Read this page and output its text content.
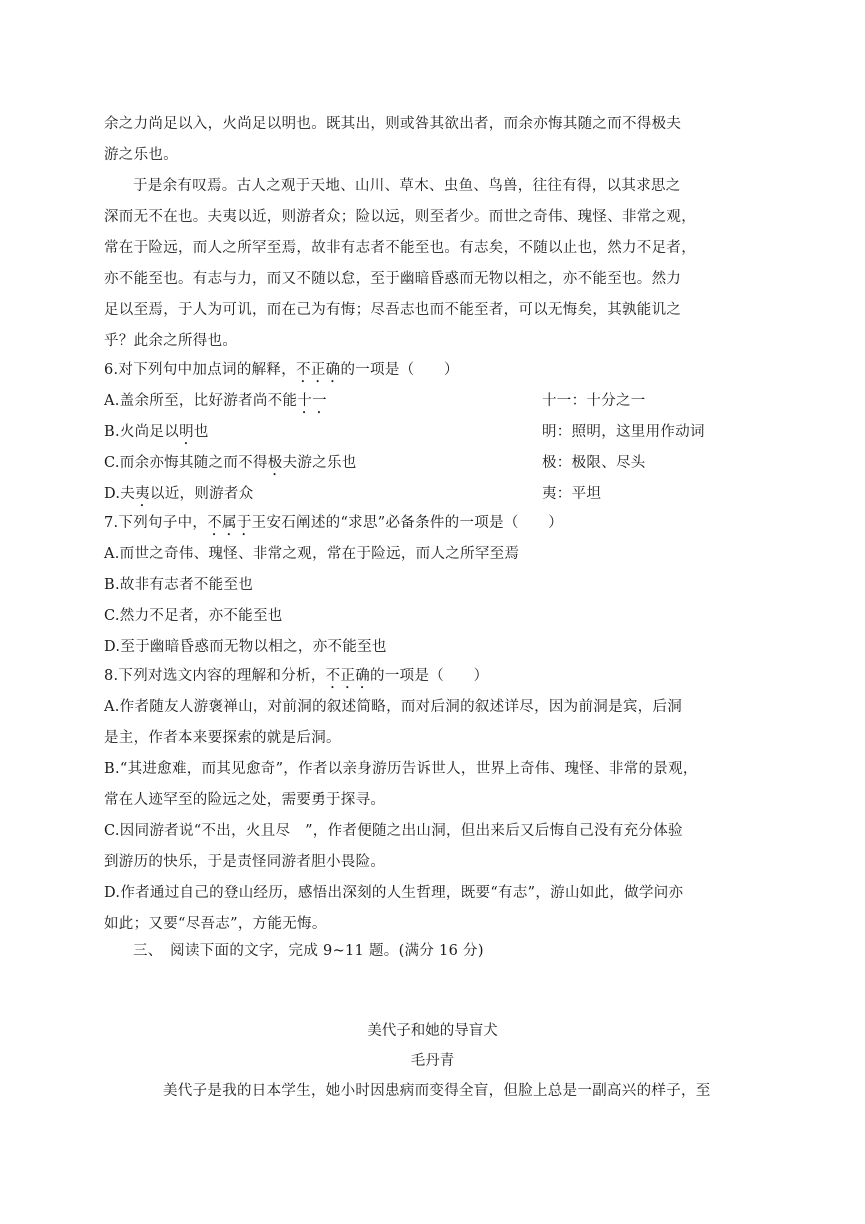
余之力尚足以入，火尚足以明也。既其出，则或咎其欲出者，而余亦悔其随之而不得极夫
游之乐也。
于是余有叹焉。古人之观于天地、山川、草木、虫鱼、鸟兽，往往有得，以其求思之
深而无不在也。夫夷以近，则游者众；险以远，则至者少。而世之奇伟、瑰怪、非常之观，
常在于险远，而人之所罕至焉，故非有志者不能至也。有志矣，不随以止也，然力不足者，
亦不能至也。有志与力，而又不随以怠，至于幽暗昏惑而无物以相之，亦不能至也。然力
足以至焉，于人为可讥，而在己为有悔；尽吾志也而不能至者，可以无悔矣，其孰能讥之
乎？此余之所得也。
6.对下列句中加点词的解释，不正确的一项是（　　）
A.盖余所至，比好游者尚不能十一	十一：十分之一
B.火尚足以明也	明：照明，这里用作动词
C.而余亦悔其随之而不得极夫游之乐也	极：极限、尽头
D.夫夷以近，则游者众	夷：平坦
7.下列句子中，不属于王安石阐述的“求思”必备条件的一项是（　　）
A.而世之奇伟、瑰怪、非常之观，常在于险远，而人之所罕至焉
B.故非有志者不能至也
C.然力不足者，亦不能至也
D.至于幽暗昏惑而无物以相之，亦不能至也
8.下列对选文内容的理解和分析，不正确的一项是（　　）
A.作者随友人游褒禅山，对前洞的叙述简略，而对后洞的叙述详尽，因为前洞是宾，后洞
是主，作者本来要探索的就是后洞。
B.“其进愈难，而其见愈奇”，作者以亲身游历告诉世人，世界上奇伟、瑰怪、非常的景观，
常在人迹罕至的险远之处，需要勇于探寻。
C.因同游者说“不出，火且尽　”，作者便随之出山洞，但出来后又后悔自己没有充分体验
到游历的快乐，于是责怪同游者胆小畏险。
D.作者通过自己的登山经历，感悟出深刻的人生哲理，既要“有志”，游山如此，做学问亦
如此；又要“尽吾志”，方能无悔。
三、　阅读下面的文字，完成 9~11 题。(满分 16 分)
美代子和她的导盲犬
毛丹青
美代子是我的日本学生，她小时因患病而变得全盲，但脸上总是一副高兴的样子，至
